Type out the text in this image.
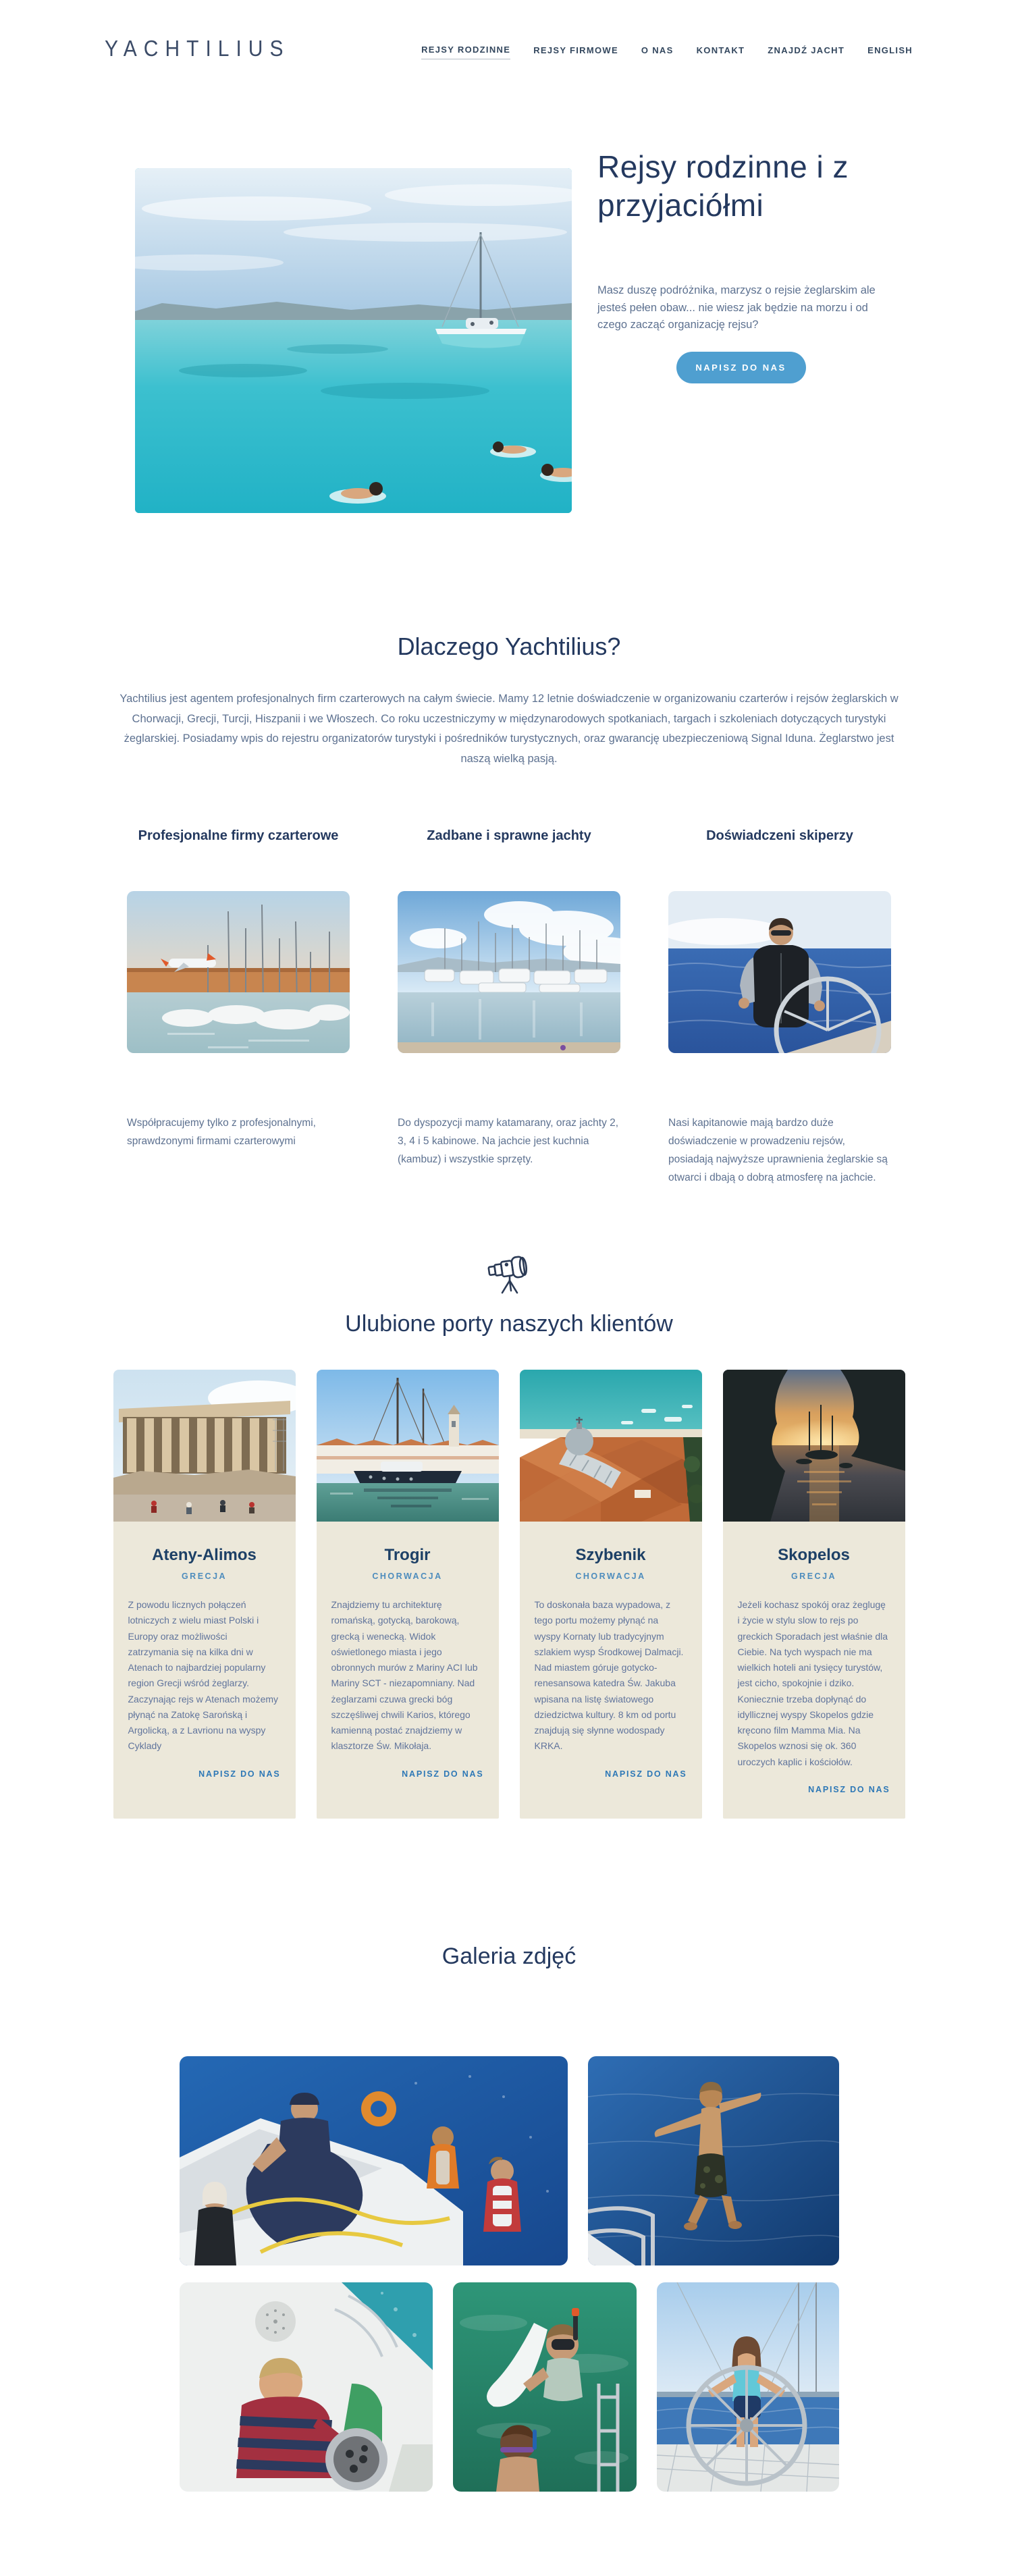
YACHTILIUS	REJSY RODZINNE	REJSY FIRMOWE	O NAS	KONTAKT	ZNAJDŹ JACHT	ENGLISH
Rejsy rodzinne i z przyjaciółmi

Masz duszę podróżnika, marzysz o rejsie żeglarskim ale jesteś pełen obaw... nie wiesz jak będzie na morzu i od czego zacząć organizację rejsu?

NAPISZ DO NAS
Dlaczego Yachtilius?

Yachtilius jest agentem profesjonalnych firm czarterowych na całym świecie. Mamy 12 letnie doświadczenie w organizowaniu czarterów i rejsów żeglarskich w Chorwacji, Grecji, Turcji, Hiszpanii i we Włoszech. Co roku uczestniczymy w międzynarodowych spotkaniach, targach i szkoleniach dotyczących turystyki żeglarskiej. Posiadamy wpis do rejestru organizatorów turystyki i pośredników turystycznych, oraz gwarancję ubezpieczeniową Signal Iduna. Żeglarstwo jest naszą wielką pasją.

Profesjonalne firmy czarterowe

Współpracujemy tylko z profesjonalnymi, sprawdzonymi firmami czarterowymi

Zadbane i sprawne jachty

Do dyspozycji mamy katamarany, oraz jachty 2, 3, 4 i 5 kabinowe. Na jachcie jest kuchnia (kambuz) i wszystkie sprzęty.

Doświadczeni skiperzy

Nasi kapitanowie mają bardzo duże doświadczenie w prowadzeniu rejsów, posiadają najwyższe uprawnienia żeglarskie są otwarci i dbają o dobrą atmosferę na jachcie.

Ulubione porty naszych klientów
Ateny-Alimos
GRECJA

Z powodu licznych połączeń lotniczych z wielu miast Polski i Europy oraz możliwości zatrzymania się na kilka dni w Atenach to najbardziej popularny region Grecji wśród żeglarzy. Zaczynając rejs w Atenach możemy płynąć na Zatokę Sarońską i Argolicką, a z Lavrionu na wyspy Cyklady

NAPISZ DO NAS
Trogir
CHORWACJA

Znajdziemy tu architekturę romańską, gotycką, barokową, grecką i wenecką. Widok oświetlonego miasta i jego obronnych murów z Mariny ACI lub Mariny SCT - niezapomniany. Nad żeglarzami czuwa grecki bóg szczęśliwej chwili Karios, którego kamienną postać znajdziemy w klasztorze Św. Mikołaja.

NAPISZ DO NAS
Szybenik
CHORWACJA

To doskonała baza wypadowa, z tego portu możemy płynąć na wyspy Kornaty lub tradycyjnym szlakiem wysp Środkowej Dalmacji. Nad miastem góruje gotycko-renesansowa katedra Św. Jakuba wpisana na listę światowego dziedzictwa kultury. 8 km od portu znajdują się słynne wodospady KRKA.

NAPISZ DO NAS
Skopelos
GRECJA

Jeżeli kochasz spokój oraz żeglugę i życie w stylu slow to rejs po greckich Sporadach jest właśnie dla Ciebie. Na tych wyspach nie ma wielkich hoteli ani tysięcy turystów, jest cicho, spokojnie i dziko. Koniecznie trzeba dopłynąć do idyllicznej wyspy Skopelos gdzie kręcono film Mamma Mia. Na Skopelos wznosi się ok. 360 uroczych kaplic i kościołów.

NAPISZ DO NAS
Galeria zdjęć
